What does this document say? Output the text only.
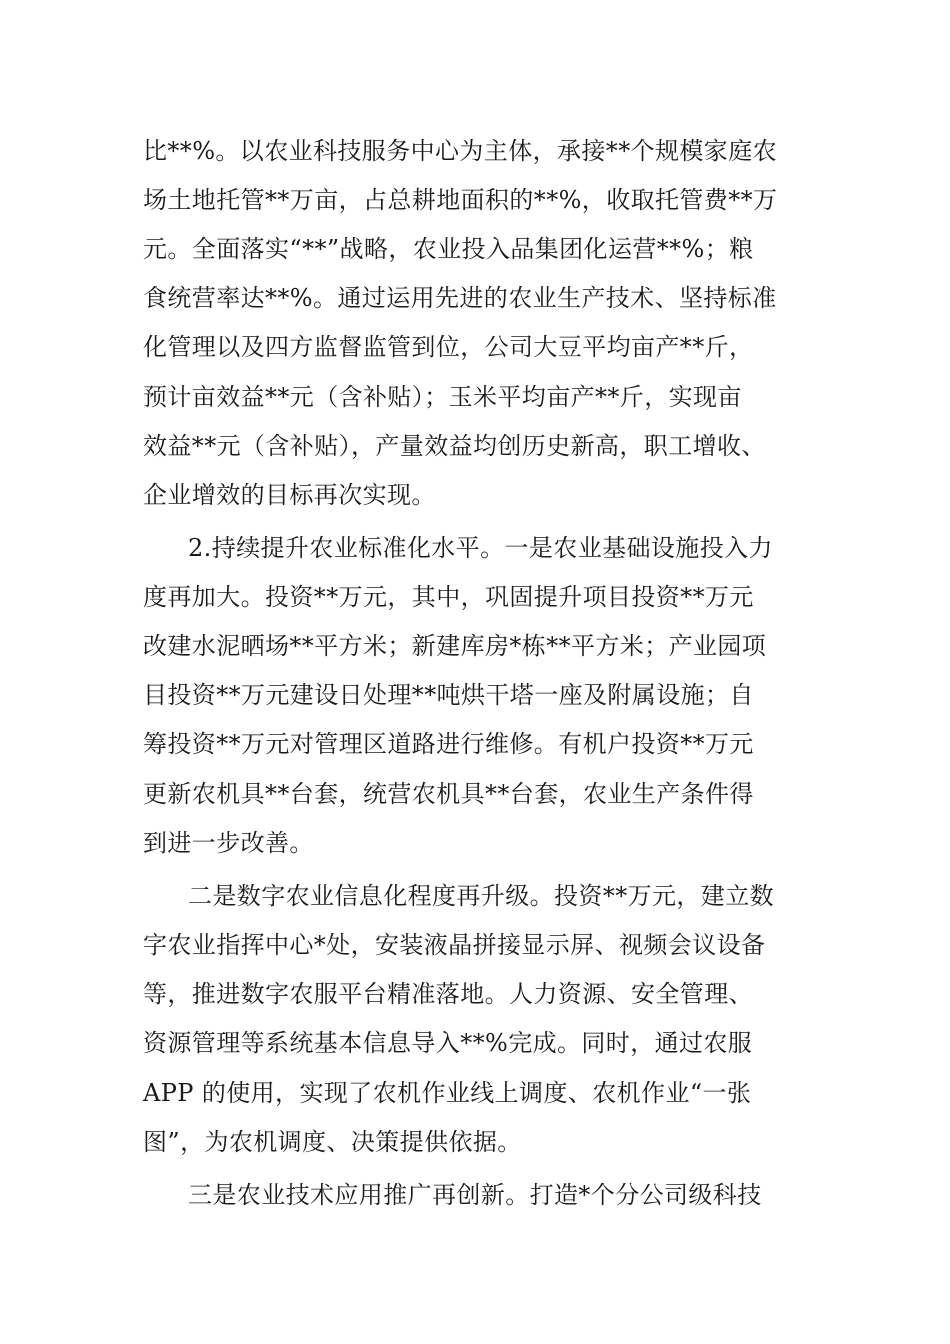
比**%。以农业科技服务中心为主体，承接**个规模家庭农

场土地托管**万亩，占总耕地面积的**%，收取托管费**万

元。全面落实“**”战略，农业投入品集团化运营**%；粮

食统营率达**%。通过运用先进的农业生产技术、坚持标准

化管理以及四方监督监管到位，公司大豆平均亩产**斤，

预计亩效益**元（含补贴）；玉米平均亩产**斤，实现亩

效益**元（含补贴），产量效益均创历史新高，职工增收、

企业增效的目标再次实现。

2.持续提升农业标准化水平。一是农业基础设施投入力

度再加大。投资**万元，其中，巩固提升项目投资**万元

改建水泥晒场**平方米；新建库房*栋**平方米；产业园项

目投资**万元建设日处理**吨烘干塔一座及附属设施；自

筹投资**万元对管理区道路进行维修。有机户投资**万元

更新农机具**台套，统营农机具**台套，农业生产条件得

到进一步改善。

二是数字农业信息化程度再升级。投资**万元，建立数

字农业指挥中心*处，安装液晶拼接显示屏、视频会议设备

等，推进数字农服平台精准落地。人力资源、安全管理、

资源管理等系统基本信息导入**%完成。同时，通过农服

APP 的使用，实现了农机作业线上调度、农机作业“一张

图”，为农机调度、决策提供依据。

三是农业技术应用推广再创新。打造*个分公司级科技
